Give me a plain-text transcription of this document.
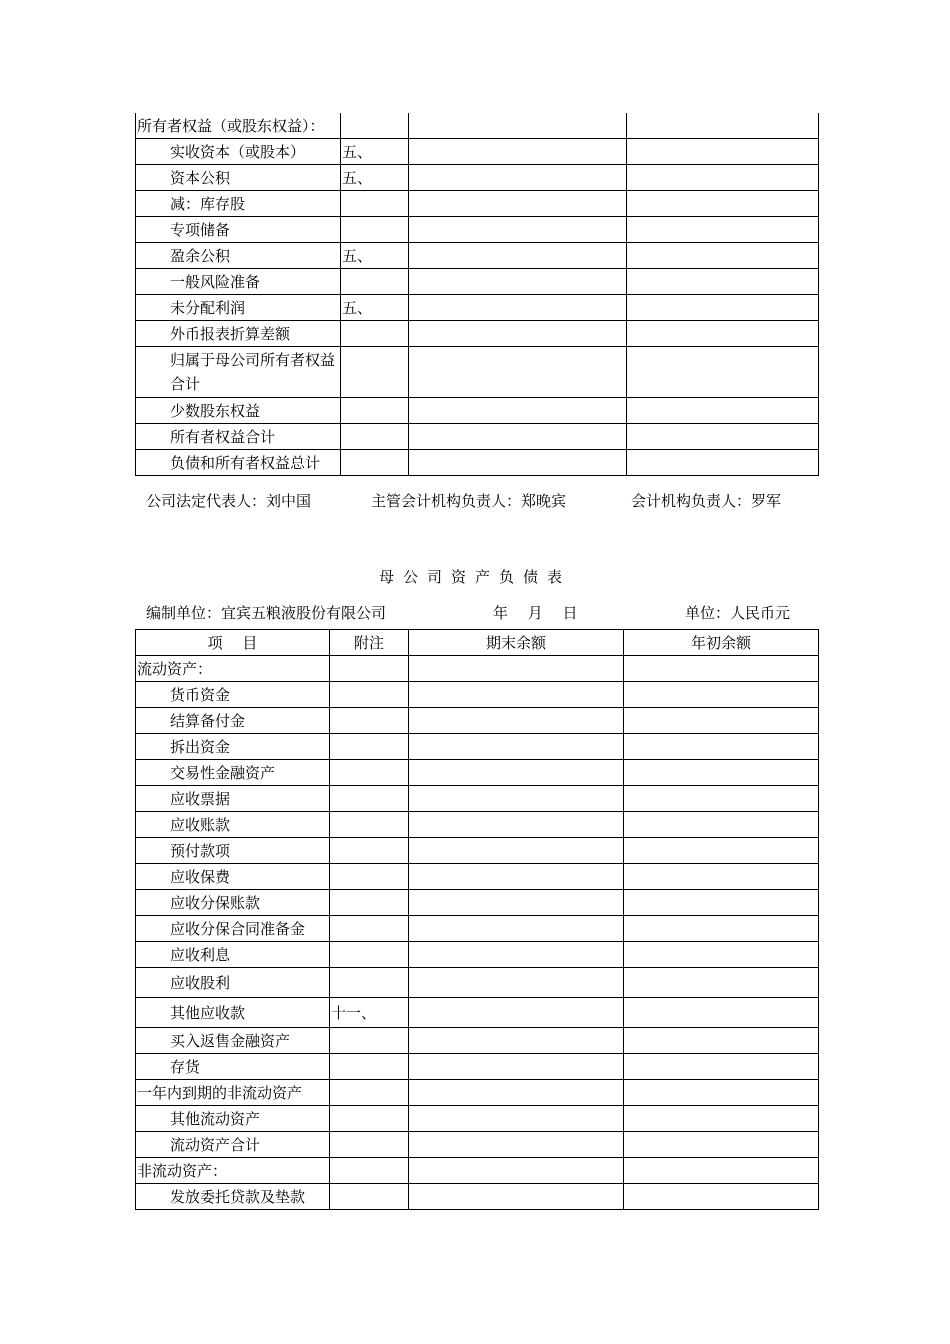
所有者权益（或股东权益）：			
实收资本（或股本）	五、		
资本公积	五、		
减：库存股			
专项储备			
盈余公积	五、		
一般风险准备			
未分配利润	五、		
外币报表折算差额			
归属于母公司所有者权益合计			
少数股东权益			
所有者权益合计			
负债和所有者权益总计			
公司法定代表人：刘中国	主管会计机构负责人：郑晚宾	会计机构负责人：罗军
母公司资产负债表
编制单位：宜宾五粮液股份有限公司	年　 月　 日	单位：人民币元
项　 目	附注	期末余额	年初余额
流动资产：			
货币资金			
结算备付金			
拆出资金			
交易性金融资产			
应收票据			
应收账款			
预付款项			
应收保费			
应收分保账款			
应收分保合同准备金			
应收利息			
应收股利			
其他应收款	十一、		
买入返售金融资产			
存货			
一年内到期的非流动资产			
其他流动资产			
流动资产合计			
非流动资产：			
发放委托贷款及垫款			
